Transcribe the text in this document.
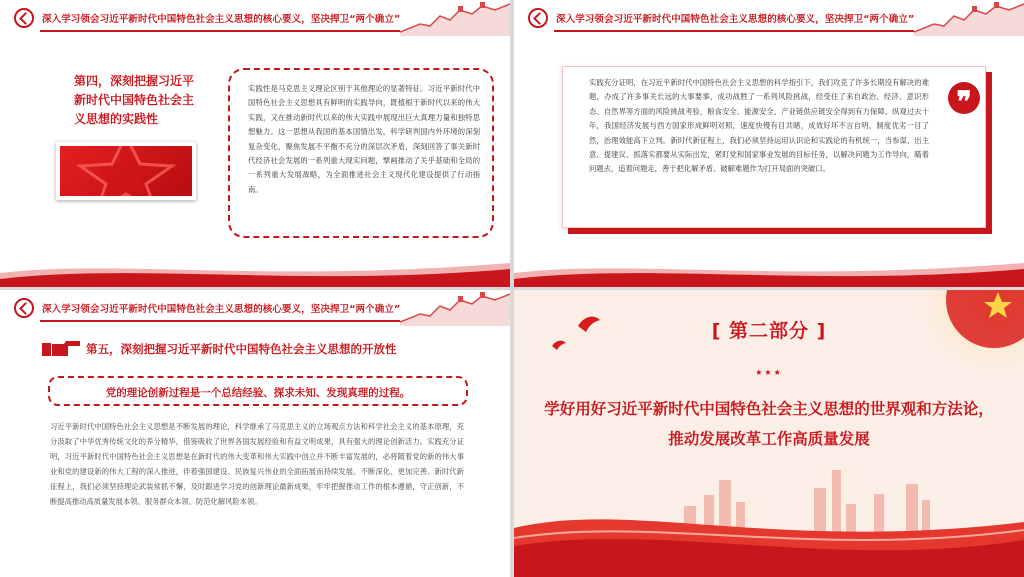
深入学习领会习近平新时代中国特色社会主义思想的核心要义，坚决捍卫“两个确立”
第四，深刻把握习近平新时代中国特色社会主义思想的实践性

实践性是马克思主义理论区别于其他理论的显著特征。习近平新时代中国特色社会主义思想具有鲜明的实践导向，既植根于新时代以来的伟大实践，又在推动新时代以来的伟大实践中展现出巨大真理力量和独特思想魅力。这一思想从我国的基本国情出发，科学研判国内外环境的深刻复杂变化，聚焦发展不平衡不充分的深层次矛盾，深刻回答了事关新时代经济社会发展的一系列重大现实问题，擘画推动了关乎基础和全局的一系列重大发展战略，为全面推进社会主义现代化建设提供了行动指南。

深入学习领会习近平新时代中国特色社会主义思想的核心要义，坚决捍卫“两个确立”

实践充分证明，在习近平新时代中国特色社会主义思想的科学指引下，我们攻克了许多长期没有解决的难题，办成了许多事关长远的大事要事，成功战胜了一系列风险挑战，经受住了来自政治、经济、意识形态、自然界等方面的风险挑战考验，粮食安全、能源安全、产业链供应链安全得到有力保障。纵观过去十年，我国经济发展与西方国家形成鲜明对照，速度快慢有目共睹，成效好坏不言自明，制度优劣一目了然，治理效能高下立判。新时代新征程上，我们必须坚持运用认识论和实践论的有机统一，当参谋、出主意、提建议、抓落实都要从实际出发，紧盯党和国家事业发展的目标任务，以解决问题为工作导向，瞄着问题去，追着问题走，善于把化解矛盾、破解难题作为打开局面的突破口。

❞
深入学习领会习近平新时代中国特色社会主义思想的核心要义，坚决捍卫“两个确立”
第五，深刻把握习近平新时代中国特色社会主义思想的开放性
党的理论创新过程是一个总结经验、探求未知、发现真理的过程。

习近平新时代中国特色社会主义思想是不断发展的理论，科学继承了马克思主义的立场观点方法和科学社会主义的基本原理，充分汲取了中华优秀传统文化的养分精华，借鉴吸收了世界各国发展经验和有益文明成果，具有强大的理论创新活力。实践充分证明，习近平新时代中国特色社会主义思想是在新时代的伟大变革和伟大实践中创立并不断丰富发展的，必将随着党的新的伟大事业和党的建设新的伟大工程的深入推进，伴着强国建设、民族复兴伟业的全面拓展而持续发展、不断深化、更加完善。新时代新征程上，我们必须坚持理论武装常抓不懈，及时跟进学习党的创新理论最新成果，牢牢把握推动工作的根本遵循，守正创新，不断提高推动高质量发展本领、服务群众本领、防范化解风险本领。

[ 第二部分 ]
★★★
学好用好习近平新时代中国特色社会主义思想的世界观和方法论，推动发展改革工作高质量发展
